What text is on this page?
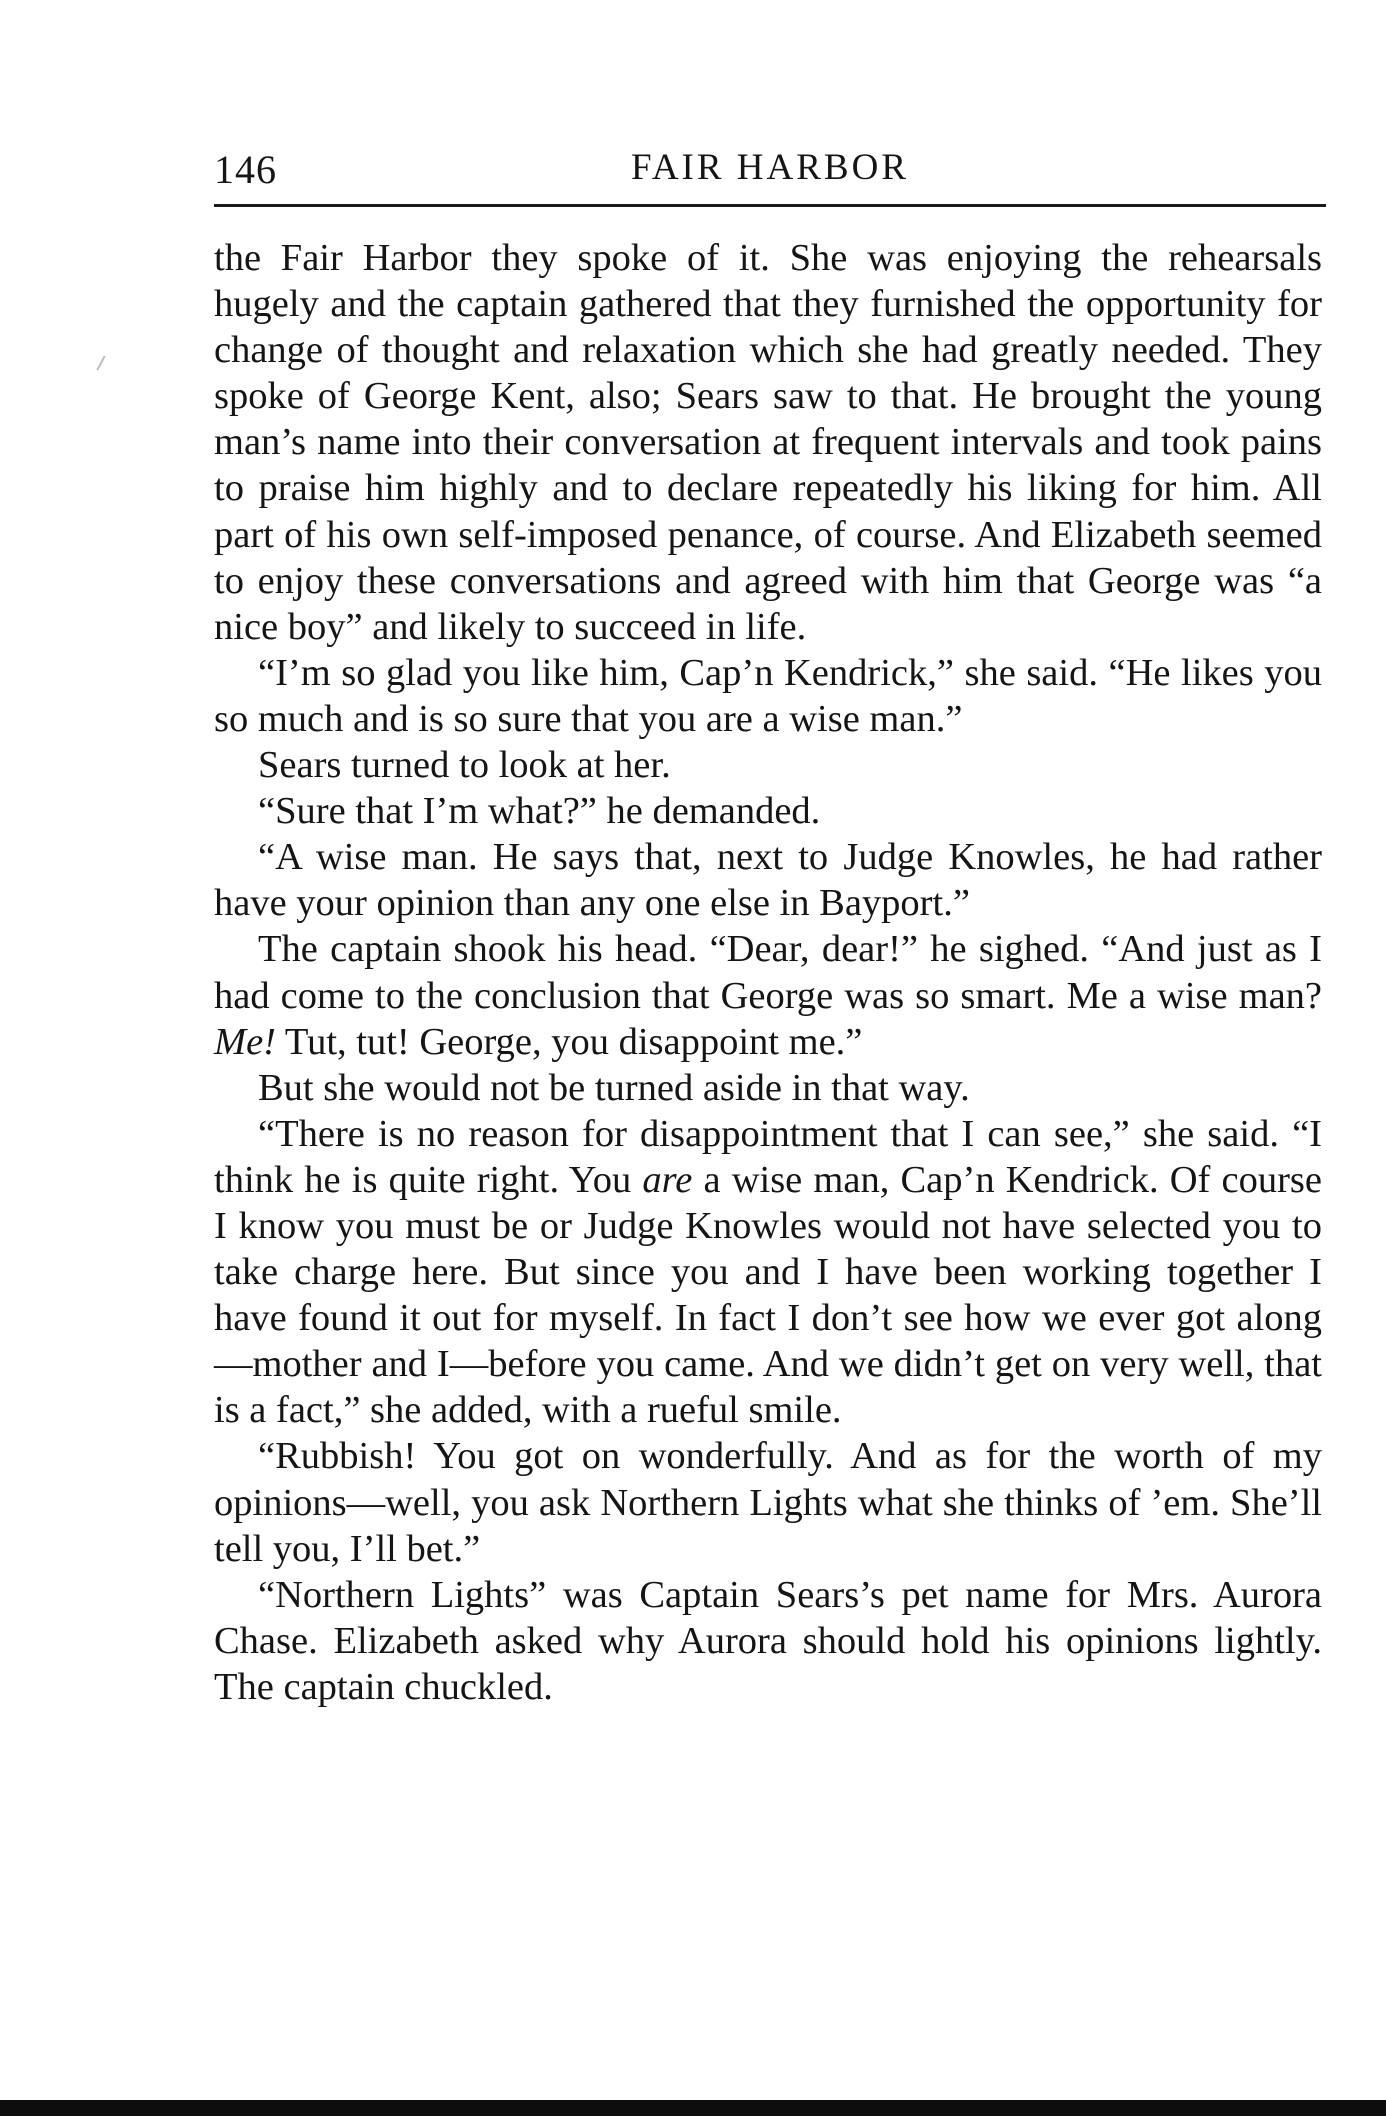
146	FAIR HARBOR

the Fair Harbor they spoke of it. She was enjoying the rehearsals hugely and the captain gathered that they furnished the opportunity for change of thought and relaxation which she had greatly needed. They spoke of George Kent, also; Sears saw to that. He brought the young man’s name into their conversation at frequent intervals and took pains to praise him highly and to declare repeatedly his liking for him. All part of his own self-imposed penance, of course. And Elizabeth seemed to enjoy these conversations and agreed with him that George was “a nice boy” and likely to succeed in life.

“I’m so glad you like him, Cap’n Kendrick,” she said. “He likes you so much and is so sure that you are a wise man.”

Sears turned to look at her.

“Sure that I’m what?” he demanded.

“A wise man. He says that, next to Judge Knowles, he had rather have your opinion than any one else in Bayport.”

The captain shook his head. “Dear, dear!” he sighed. “And just as I had come to the conclusion that George was so smart. Me a wise man? Me! Tut, tut! George, you disappoint me.”

But she would not be turned aside in that way.

“There is no reason for disappointment that I can see,” she said. “I think he is quite right. You are a wise man, Cap’n Kendrick. Of course I know you must be or Judge Knowles would not have selected you to take charge here. But since you and I have been working together I have found it out for myself. In fact I don’t see how we ever got along—mother and I—before you came. And we didn’t get on very well, that is a fact,” she added, with a rueful smile.

“Rubbish! You got on wonderfully. And as for the worth of my opinions—well, you ask Northern Lights what she thinks of ’em. She’ll tell you, I’ll bet.”

“Northern Lights” was Captain Sears’s pet name for Mrs. Aurora Chase. Elizabeth asked why Aurora should hold his opinions lightly. The captain chuckled.
